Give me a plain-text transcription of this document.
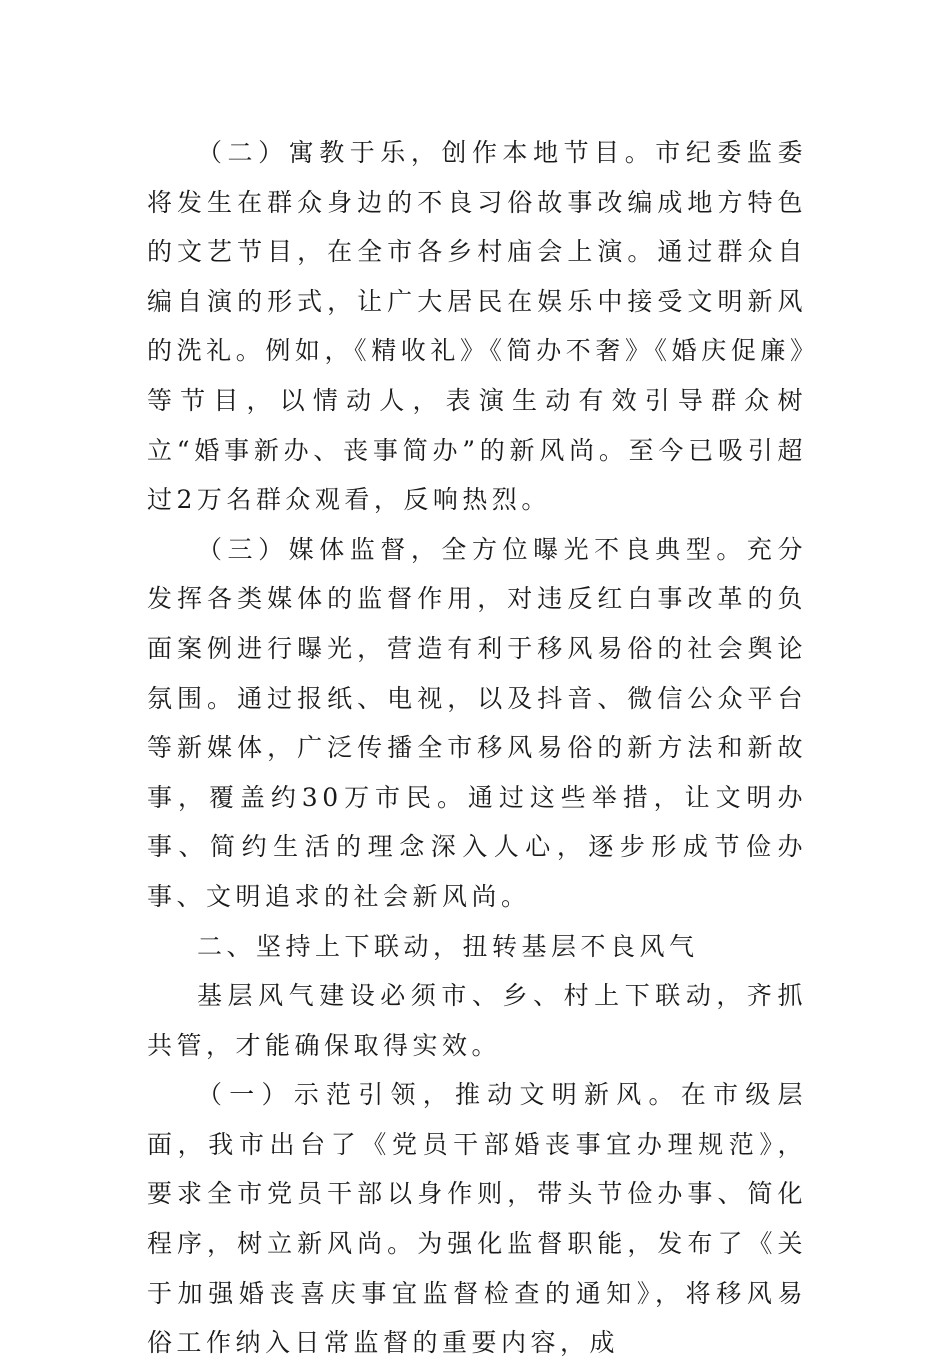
（二）寓教于乐，创作本地节目。市纪委监委将发生在群众身边的不良习俗故事改编成地方特色的文艺节目，在全市各乡村庙会上演。通过群众自编自演的形式，让广大居民在娱乐中接受文明新风的洗礼。例如，《精收礼》《简办不奢》《婚庆促廉》等节目，以情动人，表演生动有效引导群众树立“婚事新办、丧事简办”的新风尚。至今已吸引超过2万名群众观看，反响热烈。

（三）媒体监督，全方位曝光不良典型。充分发挥各类媒体的监督作用，对违反红白事改革的负面案例进行曝光，营造有利于移风易俗的社会舆论氛围。通过报纸、电视，以及抖音、微信公众平台等新媒体，广泛传播全市移风易俗的新方法和新故事，覆盖约30万市民。通过这些举措，让文明办事、简约生活的理念深入人心，逐步形成节俭办事、文明追求的社会新风尚。

二、坚持上下联动，扭转基层不良风气

基层风气建设必须市、乡、村上下联动，齐抓共管，才能确保取得实效。

（一）示范引领，推动文明新风。在市级层面，我市出台了《党员干部婚丧事宜办理规范》，要求全市党员干部以身作则，带头节俭办事、简化程序，树立新风尚。为强化监督职能，发布了《关于加强婚丧喜庆事宜监督检查的通知》，将移风易俗工作纳入日常监督的重要内容，成
